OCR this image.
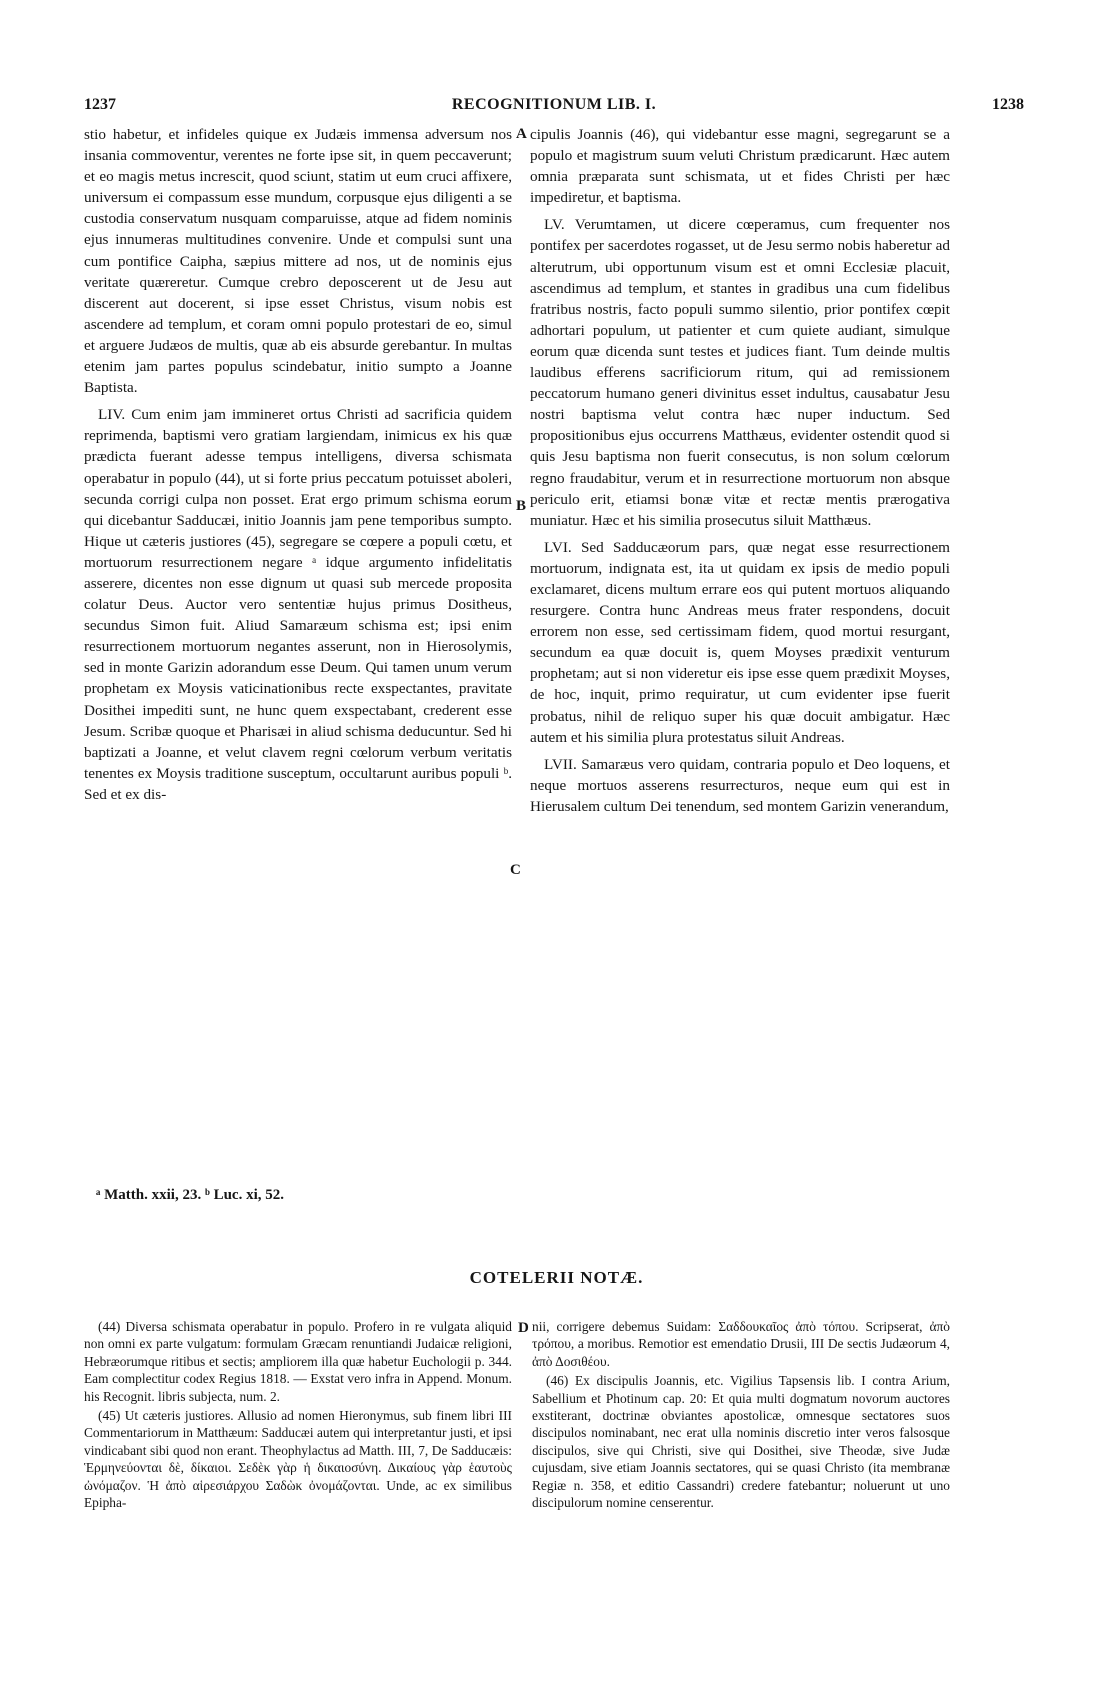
1237	RECOGNITIONUM LIB. I.	1238
A
B
C
D

stio habetur, et infideles quique ex Judæis immensa adversum nos insania commoventur, verentes ne forte ipse sit, in quem peccaverunt; et eo magis metus increscit, quod sciunt, statim ut eum cruci affixere, universum ei compassum esse mundum, corpusque ejus diligenti a se custodia conservatum nusquam comparuisse, atque ad fidem nominis ejus innumeras multitudines convenire. Unde et compulsi sunt una cum pontifice Caipha, sæpius mittere ad nos, ut de nominis ejus veritate quæreretur. Cumque crebro deposcerent ut de Jesu aut discerent aut docerent, si ipse esset Christus, visum nobis est ascendere ad templum, et coram omni populo protestari de eo, simul et arguere Judæos de multis, quæ ab eis absurde gerebantur. In multas etenim jam partes populus scindebatur, initio sumpto a Joanne Baptista.

LIV. Cum enim jam immineret ortus Christi ad sacrificia quidem reprimenda, baptismi vero gratiam largiendam, inimicus ex his quæ prædicta fuerant adesse tempus intelligens, diversa schismata operabatur in populo (44), ut si forte prius peccatum potuisset aboleri, secunda corrigi culpa non posset. Erat ergo primum schisma eorum qui dicebantur Sadducæi, initio Joannis jam pene temporibus sumpto. Hique ut cæteris justiores (45), segregare se cœpere a populi cœtu, et mortuorum resurrectionem negare ᵃ idque argumento infidelitatis asserere, dicentes non esse dignum ut quasi sub mercede proposita colatur Deus. Auctor vero sententiæ hujus primus Dositheus, secundus Simon fuit. Aliud Samaræum schisma est; ipsi enim resurrectionem mortuorum negantes asserunt, non in Hierosolymis, sed in monte Garizin adorandum esse Deum. Qui tamen unum verum prophetam ex Moysis vaticinationibus recte exspectantes, pravitate Dosithei impediti sunt, ne hunc quem exspectabant, crederent esse Jesum. Scribæ quoque et Pharisæi in aliud schisma deducuntur. Sed hi baptizati a Joanne, et velut clavem regni cœlorum verbum veritatis tenentes ex Moysis traditione susceptum, occultarunt auribus populi ᵇ. Sed et ex dis-

cipulis Joannis (46), qui videbantur esse magni, segregarunt se a populo et magistrum suum veluti Christum prædicarunt. Hæc autem omnia præparata sunt schismata, ut et fides Christi per hæc impediretur, et baptisma.

LV. Verumtamen, ut dicere cœperamus, cum frequenter nos pontifex per sacerdotes rogasset, ut de Jesu sermo nobis haberetur ad alterutrum, ubi opportunum visum est et omni Ecclesiæ placuit, ascendimus ad templum, et stantes in gradibus una cum fidelibus fratribus nostris, facto populi summo silentio, prior pontifex cœpit adhortari populum, ut patienter et cum quiete audiant, simulque eorum quæ dicenda sunt testes et judices fiant. Tum deinde multis laudibus efferens sacrificiorum ritum, qui ad remissionem peccatorum humano generi divinitus esset indultus, causabatur Jesu nostri baptisma velut contra hæc nuper inductum. Sed propositionibus ejus occurrens Matthæus, evidenter ostendit quod si quis Jesu baptisma non fuerit consecutus, is non solum cœlorum regno fraudabitur, verum et in resurrectione mortuorum non absque periculo erit, etiamsi bonæ vitæ et rectæ mentis prærogativa muniatur. Hæc et his similia prosecutus siluit Matthæus.

LVI. Sed Sadducæorum pars, quæ negat esse resurrectionem mortuorum, indignata est, ita ut quidam ex ipsis de medio populi exclamaret, dicens multum errare eos qui putent mortuos aliquando resurgere. Contra hunc Andreas meus frater respondens, docuit errorem non esse, sed certissimam fidem, quod mortui resurgant, secundum ea quæ docuit is, quem Moyses prædixit venturum prophetam; aut si non videretur eis ipse esse quem prædixit Moyses, de hoc, inquit, primo requiratur, ut cum evidenter ipse fuerit probatus, nihil de reliquo super his quæ docuit ambigatur. Hæc autem et his similia plura protestatus siluit Andreas.

LVII. Samaræus vero quidam, contraria populo et Deo loquens, et neque mortuos asserens resurrecturos, neque eum qui est in Hierusalem cultum Dei tenendum, sed montem Garizin venerandum,

ᵃ Matth. xxii, 23. ᵇ Luc. xi, 52.
COTELERII NOTÆ.

(44) Diversa schismata operabatur in populo. Profero in re vulgata aliquid non omni ex parte vulgatum: formulam Græcam renuntiandi Judaicæ religioni, Hebræorumque ritibus et sectis; ampliorem illa quæ habetur Euchologii p. 344. Eam complectitur codex Regius 1818. — Exstat vero infra in Append. Monum. his Recognit. libris subjecta, num. 2.

(45) Ut cæteris justiores. Allusio ad nomen Hieronymus, sub finem libri III Commentariorum in Matthæum: Sadducæi autem qui interpretantur justi, et ipsi vindicabant sibi quod non erant. Theophylactus ad Matth. III, 7, De Sadducæis: Ἑρμηνεύονται δὲ, δίκαιοι. Σεδὲκ γὰρ ἡ δικαιοσύνη. Δικαίους γὰρ ἑαυτοὺς ὠνόμαζον. Ἡ ἀπὸ αἱρεσιάρχου Σαδὼκ ὀνομάζονται. Unde, ac ex similibus Epipha-

nii, corrigere debemus Suidam: Σαδδουκαῖος ἀπὸ τόπου. Scripserat, ἀπὸ τρόπου, a moribus. Remotior est emendatio Drusii, III De sectis Judæorum 4, ἀπὸ Δοσιθέου.

(46) Ex discipulis Joannis, etc. Vigilius Tapsensis lib. I contra Arium, Sabellium et Photinum cap. 20: Et quia multi dogmatum novorum auctores exstiterant, doctrinæ obviantes apostolicæ, omnesque sectatores suos discipulos nominabant, nec erat ulla nominis discretio inter veros falsosque discipulos, sive qui Christi, sive qui Dosithei, sive Theodæ, sive Judæ cujusdam, sive etiam Joannis sectatores, qui se quasi Christo (ita membranæ Regiæ n. 358, et editio Cassandri) credere fatebantur; noluerunt ut uno discipulorum nomine censerentur.
